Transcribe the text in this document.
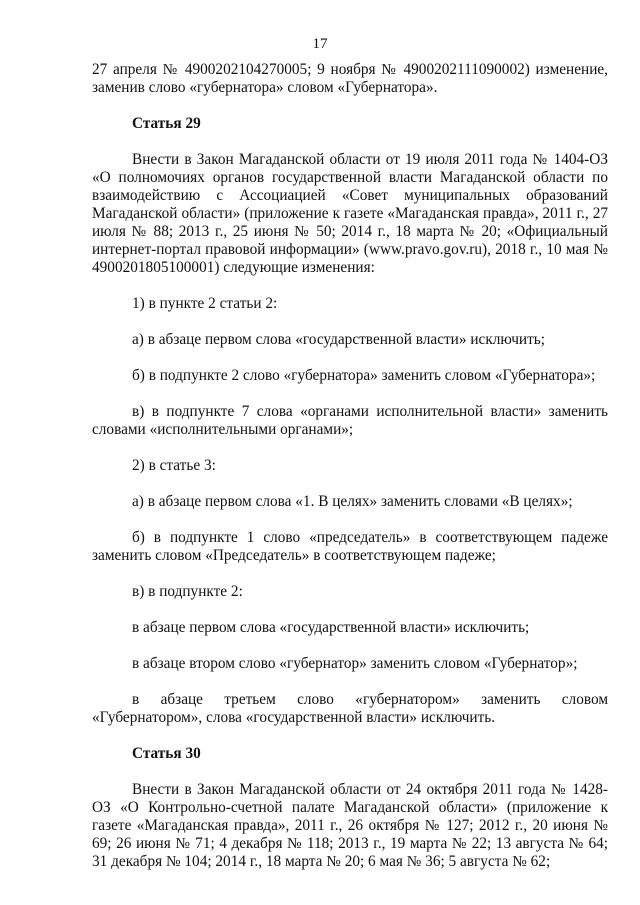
17

27 апреля № 4900202104270005; 9 ноября № 4900202111090002) изменение, заменив слово «губернатора» словом «Губернатора».

Статья 29

Внести в Закон Магаданской области от 19 июля 2011 года № 1404-ОЗ «О полномочиях органов государственной власти Магаданской области по взаимодействию с Ассоциацией «Совет муниципальных образований Магаданской области» (приложение к газете «Магаданская правда», 2011 г., 27 июля № 88; 2013 г., 25 июня № 50; 2014 г., 18 марта № 20; «Официальный интернет-портал правовой информации» (www.pravo.gov.ru), 2018 г., 10 мая № 4900201805100001) следующие изменения:

1) в пункте 2 статьи 2:

а) в абзаце первом слова «государственной власти» исключить;

б) в подпункте 2 слово «губернатора» заменить словом «Губернатора»;

в) в подпункте 7 слова «органами исполнительной власти» заменить словами «исполнительными органами»;

2) в статье 3:

а) в абзаце первом слова «1. В целях» заменить словами «В целях»;

б) в подпункте 1 слово «председатель» в соответствующем падеже заменить словом «Председатель» в соответствующем падеже;

в) в подпункте 2:

в абзаце первом слова «государственной власти» исключить;

в абзаце втором слово «губернатор» заменить словом «Губернатор»;

в абзаце третьем слово «губернатором» заменить словом «Губернатором», слова «государственной власти» исключить.

Статья 30

Внести в Закон Магаданской области от 24 октября 2011 года № 1428-ОЗ «О Контрольно-счетной палате Магаданской области» (приложение к газете «Магаданская правда», 2011 г., 26 октября № 127; 2012 г., 20 июня № 69; 26 июня № 71; 4 декабря № 118; 2013 г., 19 марта № 22; 13 августа № 64; 31 декабря № 104; 2014 г., 18 марта № 20; 6 мая № 36; 5 августа № 62;
